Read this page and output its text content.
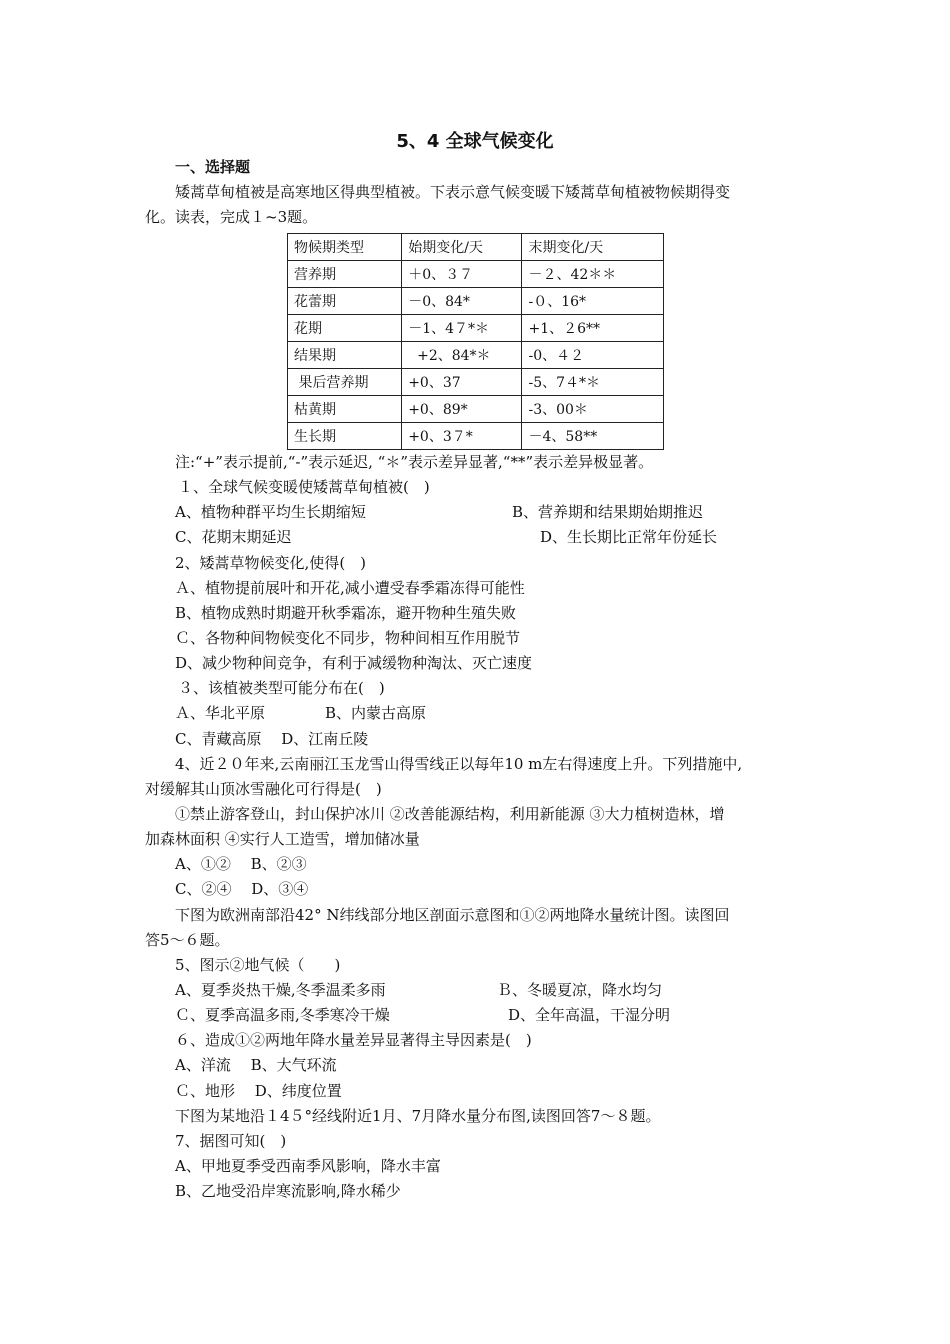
5、4 全球气候变化
一、选择题
矮蒿草甸植被是高寒地区得典型植被。下表示意气候变暖下矮蒿草甸植被物候期得变
化。读表，完成１~3题。
物候期类型	始期变化/天	末期变化/天
营养期	＋0、３７	－２、42＊＊
花蕾期	－0、84*	-０、16*
花期	－1、4７*＊	+1、２6**
结果期	+2、84*＊	-0、４２
果后营养期	+0、37	-5、7４*＊
枯黄期	+0、89*	-3、00＊
生长期	+0、3７*	－4、58**
注:“+”表示提前,“-”表示延迟, “＊”表示差异显著,“**”表示差异极显著。
１、全球气候变暖使矮蒿草甸植被(　)
A、植物种群平均生长期缩短	B、营养期和结果期始期推迟
C、花期末期延迟	D、生长期比正常年份延长
2、矮蒿草物候变化,使得(　)
Ａ、植物提前展叶和开花,减小遭受春季霜冻得可能性
B、植物成熟时期避开秋季霜冻，避开物种生殖失败
Ｃ、各物种间物候变化不同步，物种间相互作用脱节
D、减少物种间竞争，有利于减缓物种淘汰、灭亡速度
３、该植被类型可能分布在(　)
Ａ、华北平原　　　　B、内蒙古高原
C、青藏高原 　D、江南丘陵
4、近２０年来,云南丽江玉龙雪山得雪线正以每年10 m左右得速度上升。下列措施中,
对缓解其山顶冰雪融化可行得是(　)
①禁止游客登山，封山保护冰川 ②改善能源结构，利用新能源 ③大力植树造林，增
加森林面积 ④实行人工造雪，增加储冰量
A、①② 　B、②③
C、②④ 　D、③④
下图为欧洲南部沿42° N纬线部分地区剖面示意图和①②两地降水量统计图。读图回
答5～６题。
5、图示②地气候（　　)
A、夏季炎热干燥,冬季温柔多雨	Ｂ、冬暖夏凉，降水均匀
Ｃ、夏季高温多雨,冬季寒冷干燥	D、全年高温，干湿分明
６、造成①②两地年降水量差异显著得主导因素是(　)
A、洋流 　B、大气环流
Ｃ、地形 　D、纬度位置
下图为某地沿１4５°经线附近1月、7月降水量分布图,读图回答7～８题。
7、据图可知(　)
A、甲地夏季受西南季风影响，降水丰富
B、乙地受沿岸寒流影响,降水稀少
